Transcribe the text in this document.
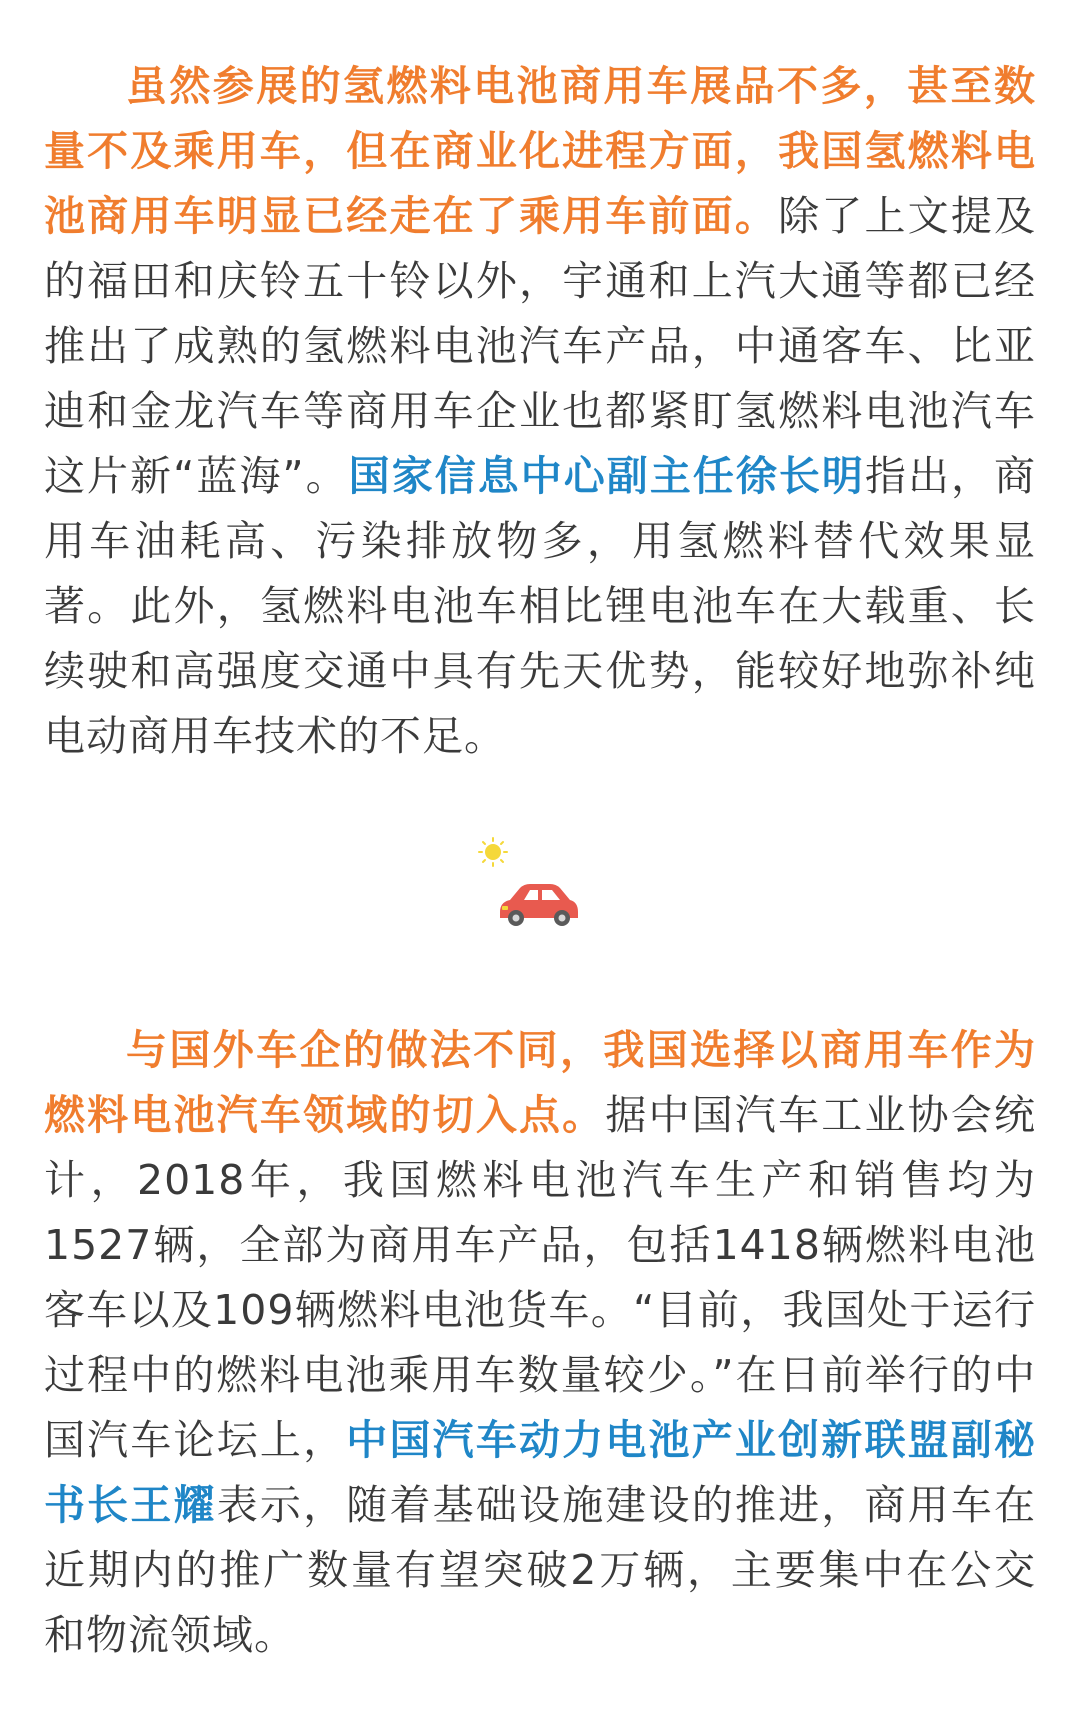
虽然参展的氢燃料电池商用车展品不多，甚至数量不及乘用车，但在商业化进程方面，我国氢燃料电池商用车明显已经走在了乘用车前面。除了上文提及的福田和庆铃五十铃以外，宇通和上汽大通等都已经推出了成熟的氢燃料电池汽车产品，中通客车、比亚迪和金龙汽车等商用车企业也都紧盯氢燃料电池汽车这片新“蓝海”。国家信息中心副主任徐长明指出，商用车油耗高、污染排放物多，用氢燃料替代效果显著。此外，氢燃料电池车相比锂电池车在大载重、长续驶和高强度交通中具有先天优势，能较好地弥补纯电动商用车技术的不足。
与国外车企的做法不同，我国选择以商用车作为燃料电池汽车领域的切入点。据中国汽车工业协会统计，2018年，我国燃料电池汽车生产和销售均为1527辆，全部为商用车产品，包括1418辆燃料电池客车以及109辆燃料电池货车。“目前，我国处于运行过程中的燃料电池乘用车数量较少。”在日前举行的中国汽车论坛上，中国汽车动力电池产业创新联盟副秘书长王耀表示，随着基础设施建设的推进，商用车在近期内的推广数量有望突破2万辆，主要集中在公交和物流领域。
